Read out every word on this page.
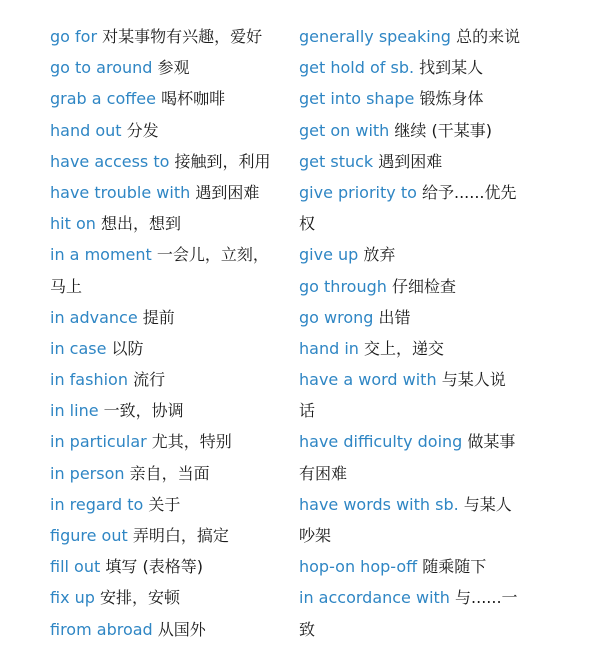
go for 对某事物有兴趣，爱好
go to around 参观
grab a coffee 喝杯咖啡
hand out 分发
have access to 接触到，利用
have trouble with 遇到困难
hit on 想出，想到
in a moment 一会儿，立刻，
马上
in advance 提前
in case 以防
in fashion 流行
in line 一致，协调
in particular 尤其，特别
in person 亲自，当面
in regard to 关于
figure out 弄明白，搞定
fill out 填写 (表格等)
fix up 安排，安顿
firom abroad 从国外
generally speaking 总的来说
get hold of sb. 找到某人
get into shape 锻炼身体
get on with 继续 (干某事)
get stuck 遇到困难
give priority to 给予......优先
权
give up 放弃
go through 仔细检查
go wrong 出错
hand in 交上，递交
have a word with 与某人说
话
have difficulty doing 做某事
有困难
have words with sb. 与某人
吵架
hop-on hop-off 随乘随下
in accordance with 与......一
致
